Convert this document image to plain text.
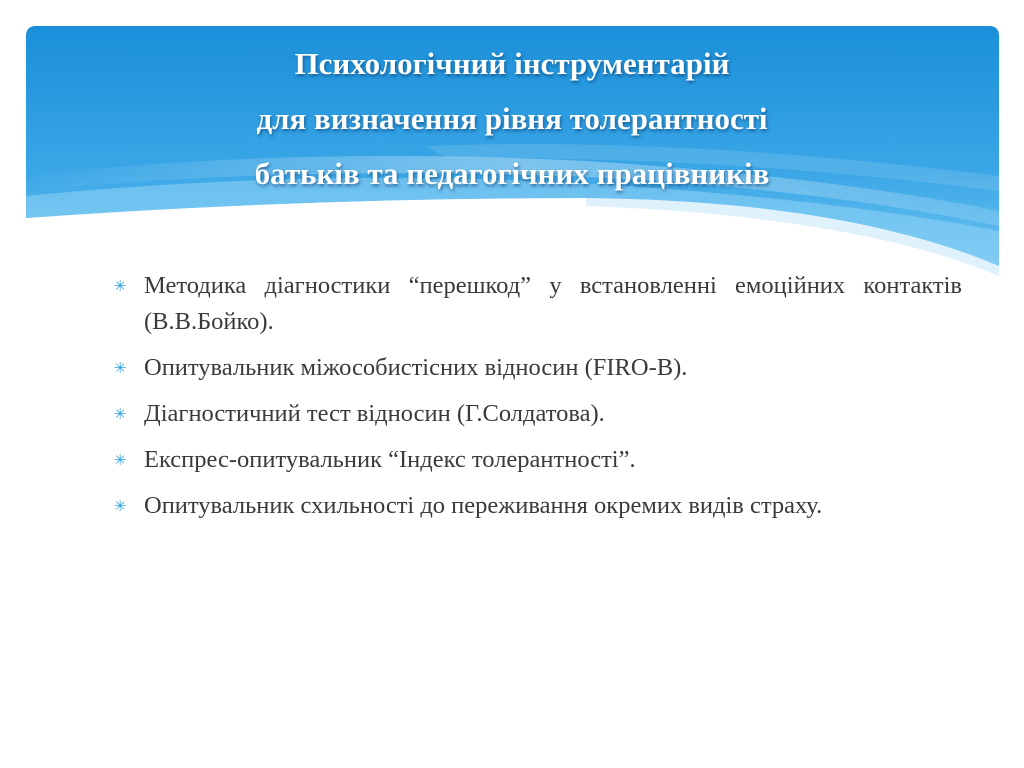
Психологічний інструментарій
для визначення рівня толерантності
батьків та педагогічних працівників
✳ Методика діагностики “перешкод” у встановленні емоційних контактів (В.В.Бойко).
✳ Опитувальник міжособистісних відносин (FIRO-B).
✳ Діагностичний тест відносин (Г.Солдатова).
✳ Експрес-опитувальник “Індекс толерантності”.
✳ Опитувальник схильності до переживання окремих видів страху.
